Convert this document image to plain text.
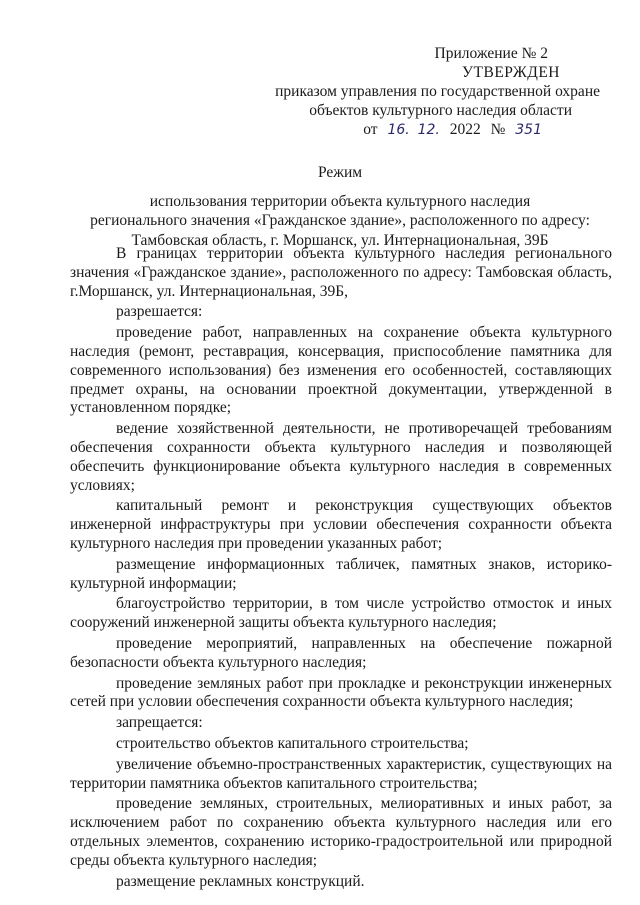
Приложение № 2
УТВЕРЖДЕН
приказом управления по государственной охране
объектов культурного наследия области
от 16. 12. 2022 № 351
Режим
использования территории объекта культурного наследия
регионального значения «Гражданское здание», расположенного по адресу:
Тамбовская область, г. Моршанск, ул. Интернациональная, 39Б

В границах территории объекта культурного наследия регионального значения «Гражданское здание», расположенного по адресу: Тамбовская область, г.Моршанск, ул. Интернациональная, 39Б,

разрешается:

проведение работ, направленных на сохранение объекта культурного наследия (ремонт, реставрация, консервация, приспособление памятника для современного использования) без изменения его особенностей, составляющих предмет охраны, на основании проектной документации, утвержденной в установленном порядке;

ведение хозяйственной деятельности, не противоречащей требованиям обеспечения сохранности объекта культурного наследия и позволяющей обеспечить функционирование объекта культурного наследия в современных условиях;

капитальный ремонт и реконструкция существующих объектов инженерной инфраструктуры при условии обеспечения сохранности объекта культурного наследия при проведении указанных работ;

размещение информационных табличек, памятных знаков, историко-культурной информации;

благоустройство территории, в том числе устройство отмосток и иных сооружений инженерной защиты объекта культурного наследия;

проведение мероприятий, направленных на обеспечение пожарной безопасности объекта культурного наследия;

проведение земляных работ при прокладке и реконструкции инженерных сетей при условии обеспечения сохранности объекта культурного наследия;

запрещается:

строительство объектов капитального строительства;

увеличение объемно-пространственных характеристик, существующих на территории памятника объектов капитального строительства;

проведение земляных, строительных, мелиоративных и иных работ, за исключением работ по сохранению объекта культурного наследия или его отдельных элементов, сохранению историко-градостроительной или природной среды объекта культурного наследия;

размещение рекламных конструкций.
